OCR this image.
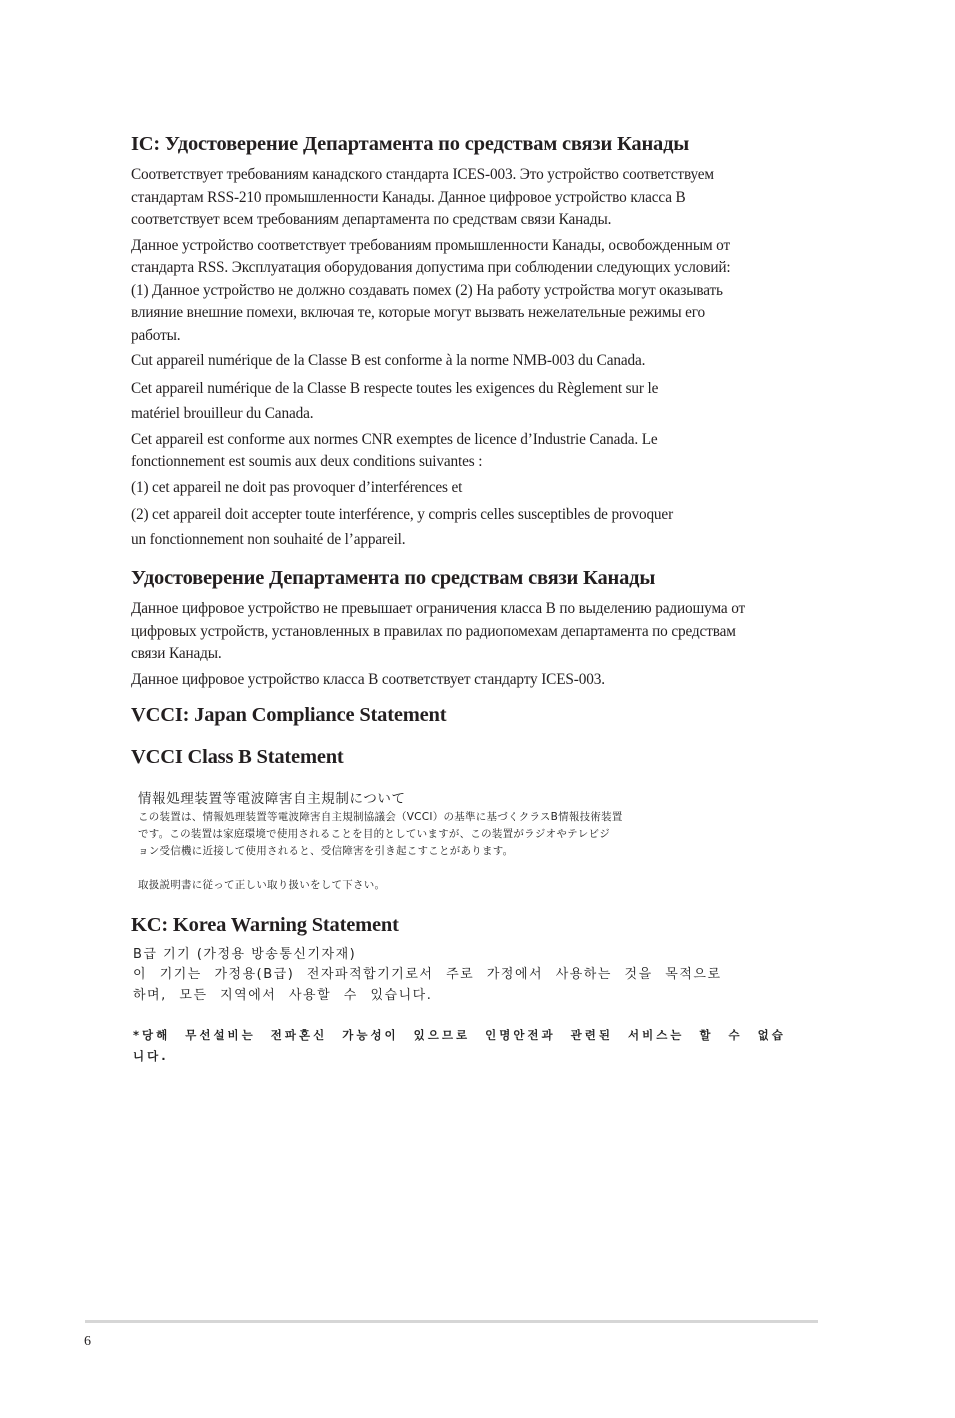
IC: Удостоверение Департамента по средствам связи Канады

Соответствует требованиям канадского стандарта ICES-003. Это устройство соответствуем
стандартам RSS-210 промышленности Канады. Данное цифровое устройство класса B
соответствует всем требованиям департамента по средствам связи Канады.

Данное устройство соответствует требованиям промышленности Канады, освобожденным от
стандарта RSS. Эксплуатация оборудования допустима при соблюдении следующих условий:
(1) Данное устройство не должно создавать помех (2) На работу устройства могут оказывать
влияние внешние помехи, включая те, которые могут вызвать нежелательные режимы его
работы.

Cut appareil numérique de la Classe B est conforme à la norme NMB-003 du Canada.

Cet appareil numérique de la Classe B respecte toutes les exigences du Règlement sur le
matériel brouilleur du Canada.

Cet appareil est conforme aux normes CNR exemptes de licence d’Industrie Canada. Le
fonctionnement est soumis aux deux conditions suivantes :

(1) cet appareil ne doit pas provoquer d’interférences et

(2) cet appareil doit accepter toute interférence, y compris celles susceptibles de provoquer
un fonctionnement non souhaité de l’appareil.

Удостоверение Департамента по средствам связи Канады

Данное цифровое устройство не превышает ограничения класса В по выделению радиошума от
цифровых устройств, установленных в правилах по радиопомехам департамента по средствам
связи Канады.

Данное цифровое устройство класса В соответствует стандарту ICES-003.

VCCI: Japan Compliance Statement
VCCI Class B Statement
情報処理装置等電波障害自主規制について
この装置は、情報処理装置等電波障害自主規制協議会（VCCI）の基準に基づくクラスB情報技術装置
です。この装置は家庭環境で使用されることを目的としていますが、この装置がラジオやテレビジ
ョン受信機に近接して使用されると、受信障害を引き起こすことがあります。
取扱説明書に従って正しい取り扱いをして下さい。
KC: Korea Warning Statement
B급 기기 (가정용 방송통신기자재)
이 기기는 가정용(B급) 전자파적합기기로서 주로 가정에서 사용하는 것을 목적으로
하며, 모든 지역에서 사용할 수 있습니다.
*당해 무선설비는 전파혼신 가능성이 있으므로 인명안전과 관련된 서비스는 할 수 없습
니다.
6
